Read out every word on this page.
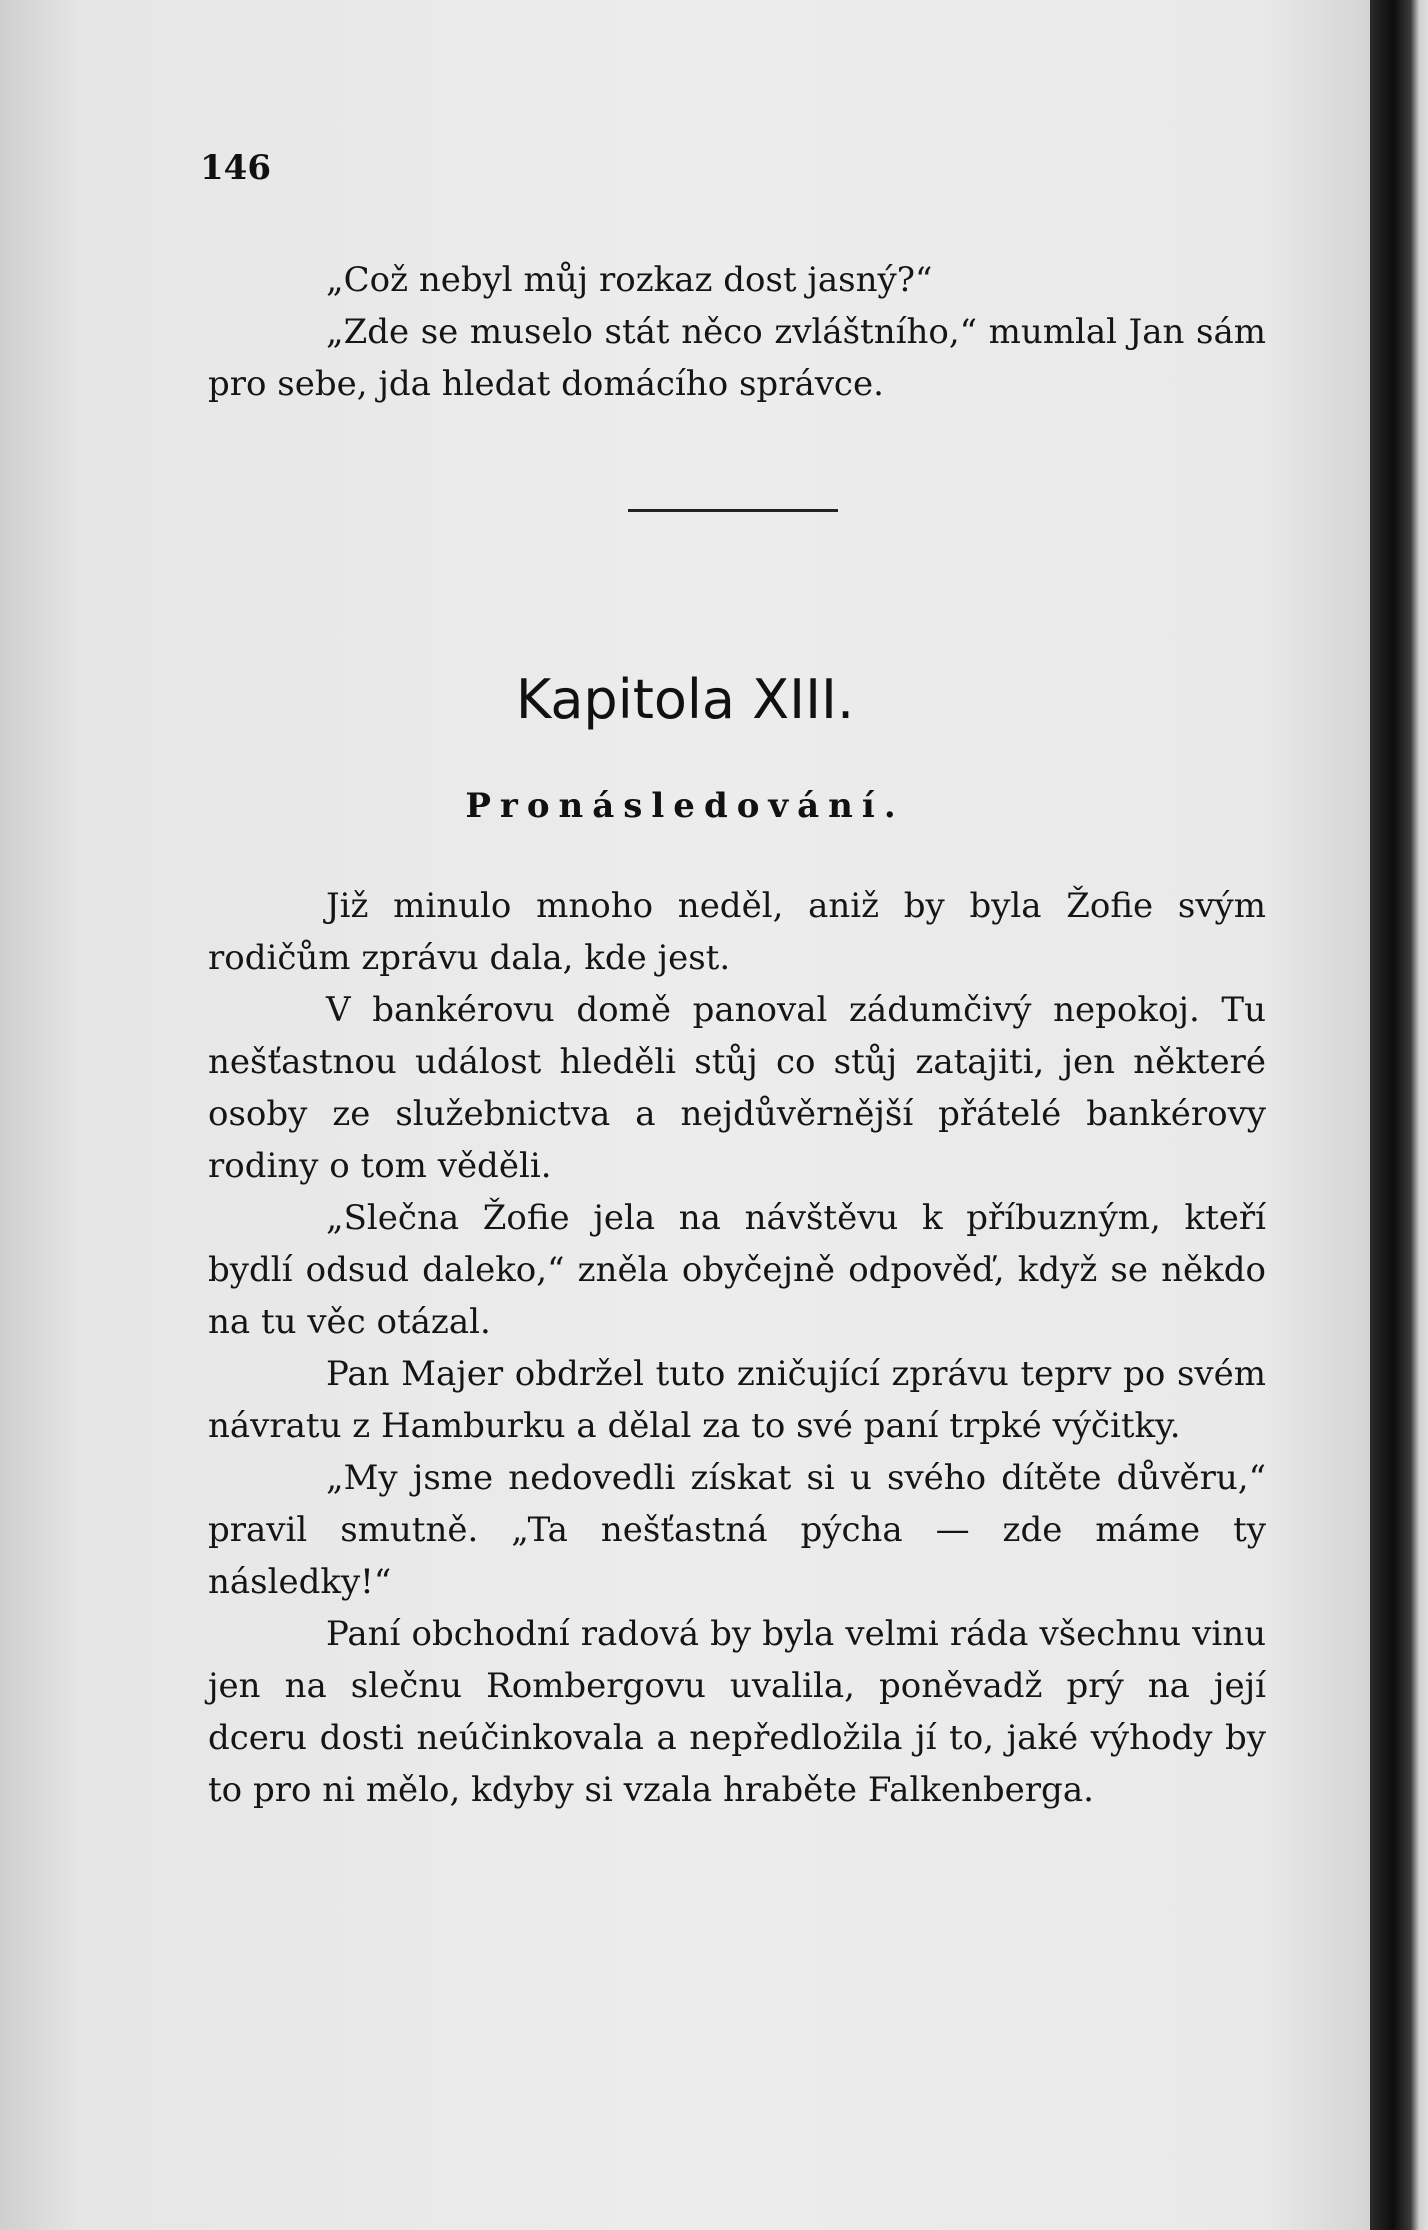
146

„Což nebyl můj rozkaz dost jasný?“

„Zde se muselo stát něco zvláštního,“ mumlal Jan sám pro sebe, jda hledat domácího správce.

Kapitola XIII.
Pronásledování.

Již minulo mnoho neděl, aniž by byla Žofie svým rodičům zprávu dala, kde jest.

V bankérovu domě panoval zádumčivý nepokoj. Tu nešťastnou událost hleděli stůj co stůj zatajiti, jen některé osoby ze služebnictva a nejdůvěrnější přátelé bankérovy rodiny o tom věděli.

„Slečna Žofie jela na návštěvu k příbuzným, kteří bydlí odsud daleko,“ zněla obyčejně odpověď, když se někdo na tu věc otázal.

Pan Majer obdržel tuto zničující zprávu teprv po svém návratu z Hamburku a dělal za to své paní trpké výčitky.

„My jsme nedovedli získat si u svého dítěte důvěru,“ pravil smutně. „Ta nešťastná pýcha — zde máme ty následky!“

Paní obchodní radová by byla velmi ráda všechnu vinu jen na slečnu Rombergovu uvalila, poněvadž prý na její dceru dosti neúčinkovala a nepředložila jí to, jaké výhody by to pro ni mělo, kdyby si vzala hraběte Falkenberga.
